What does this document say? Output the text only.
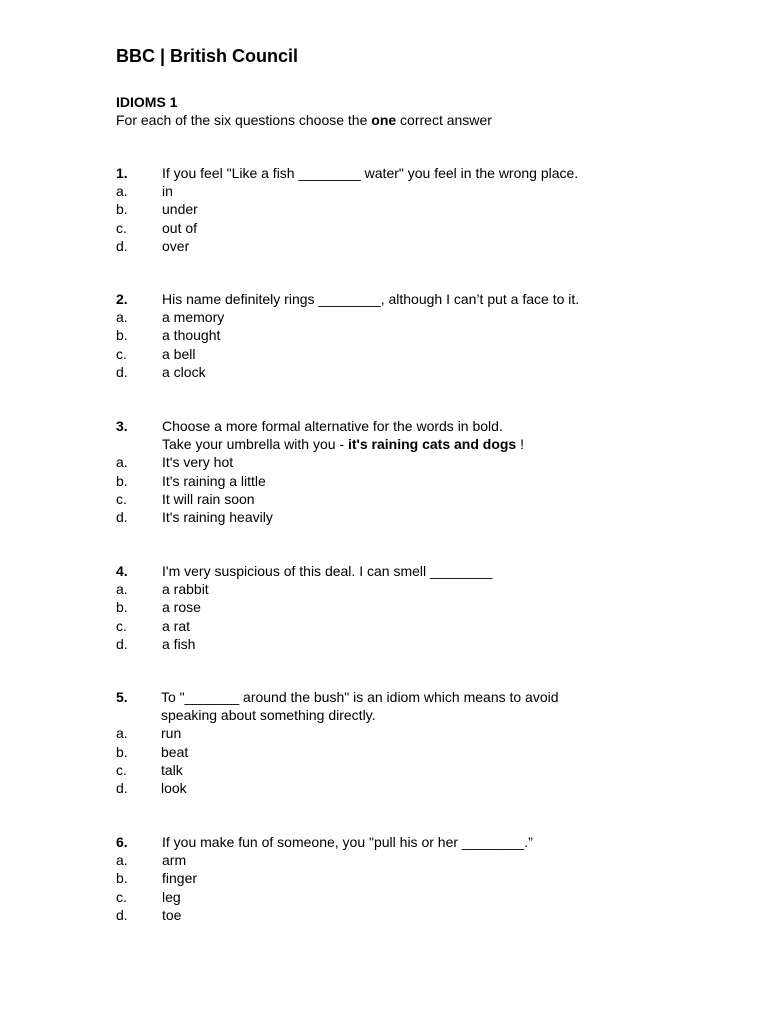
BBC | British Council
IDIOMS 1
For each of the six questions choose the one correct answer
1. If you feel "Like a fish ________ water" you feel in the wrong place.
a. in
b. under
c.	out of
d. over
2. His name definitely rings ________, although I can’t put a face to it.
a. a memory
b. a thought
c.	a bell
d. a clock
3. Choose a more formal alternative for the words in bold.
Take your umbrella with you - it's raining cats and dogs !
a. It's very hot
b. It's raining a little
c.	It will rain soon
d. It's raining heavily
4. I'm very suspicious of this deal. I can smell ________
a. a rabbit
b. a rose
c.	a rat
d. a fish
5. To "_______ around the bush" is an idiom which means to avoid
speaking about something directly.
a. run
b. beat
c. talk
d. look
6. If you make fun of someone, you "pull his or her ________.”
a. arm
b. finger
c.	leg
d. toe
